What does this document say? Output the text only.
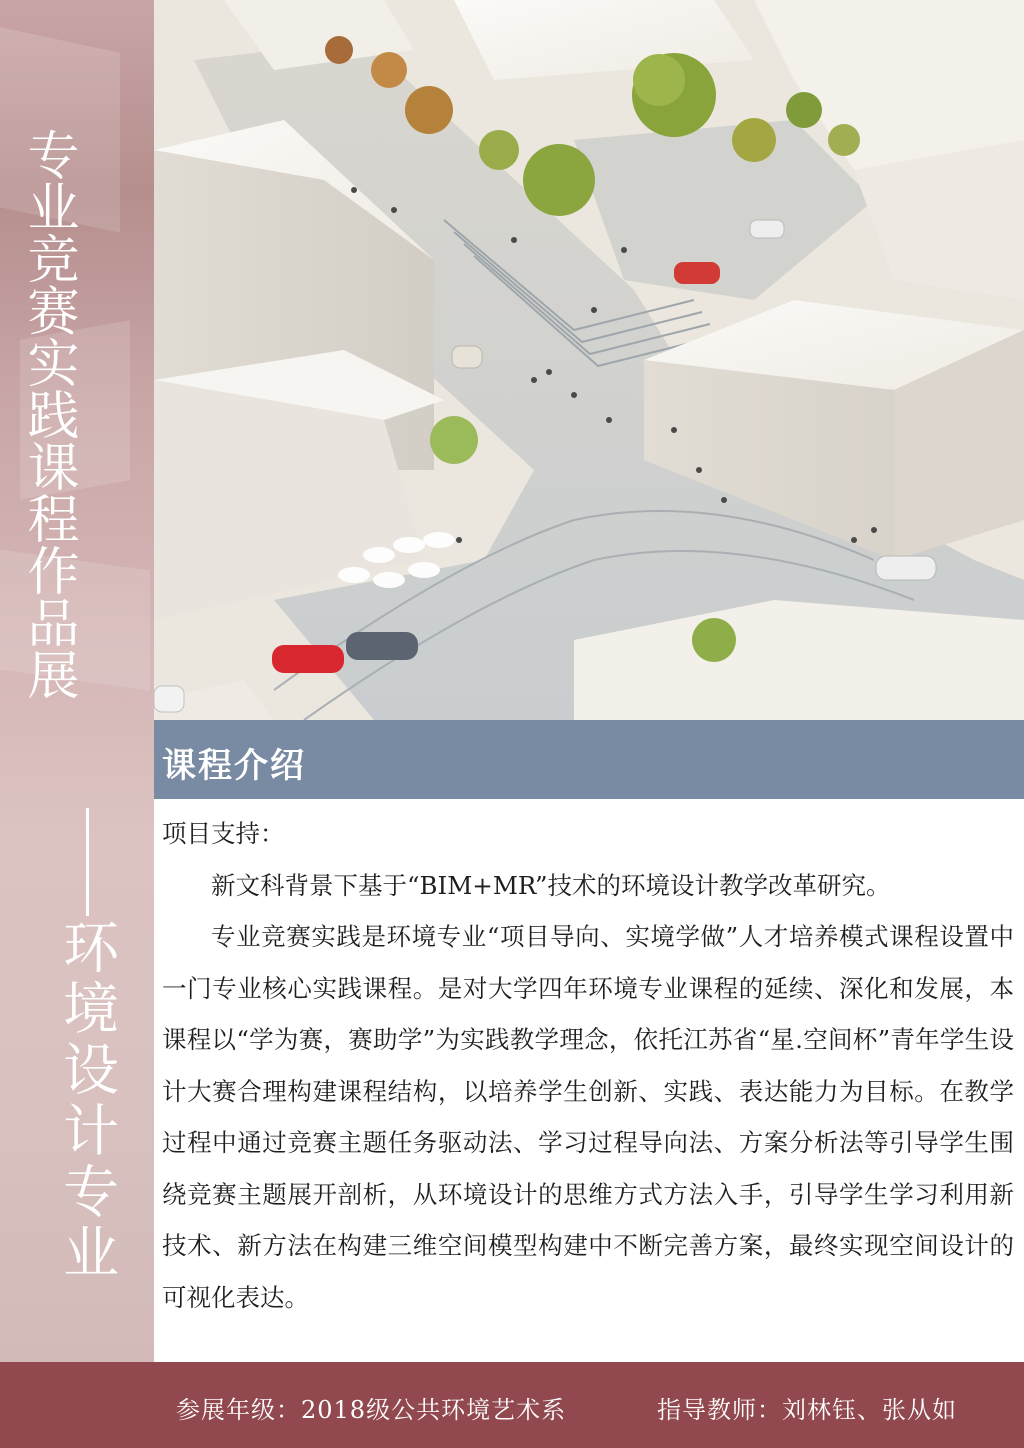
专业竞赛实践课程作品展
环境设计专业
课程介绍

项目支持：

新文科背景下基于“BIM+MR”技术的环境设计教学改革研究。

专业竞赛实践是环境专业“项目导向、实境学做”人才培养模式课程设置中一门专业核心实践课程。是对大学四年环境专业课程的延续、深化和发展，本课程以“学为赛，赛助学”为实践教学理念，依托江苏省“星.空间杯”青年学生设计大赛合理构建课程结构，以培养学生创新、实践、表达能力为目标。在教学过程中通过竞赛主题任务驱动法、学习过程导向法、方案分析法等引导学生围绕竞赛主题展开剖析，从环境设计的思维方式方法入手，引导学生学习利用新技术、新方法在构建三维空间模型构建中不断完善方案，最终实现空间设计的可视化表达。

参展年级：2018级公共环境艺术系	指导教师：刘林钰、张从如
